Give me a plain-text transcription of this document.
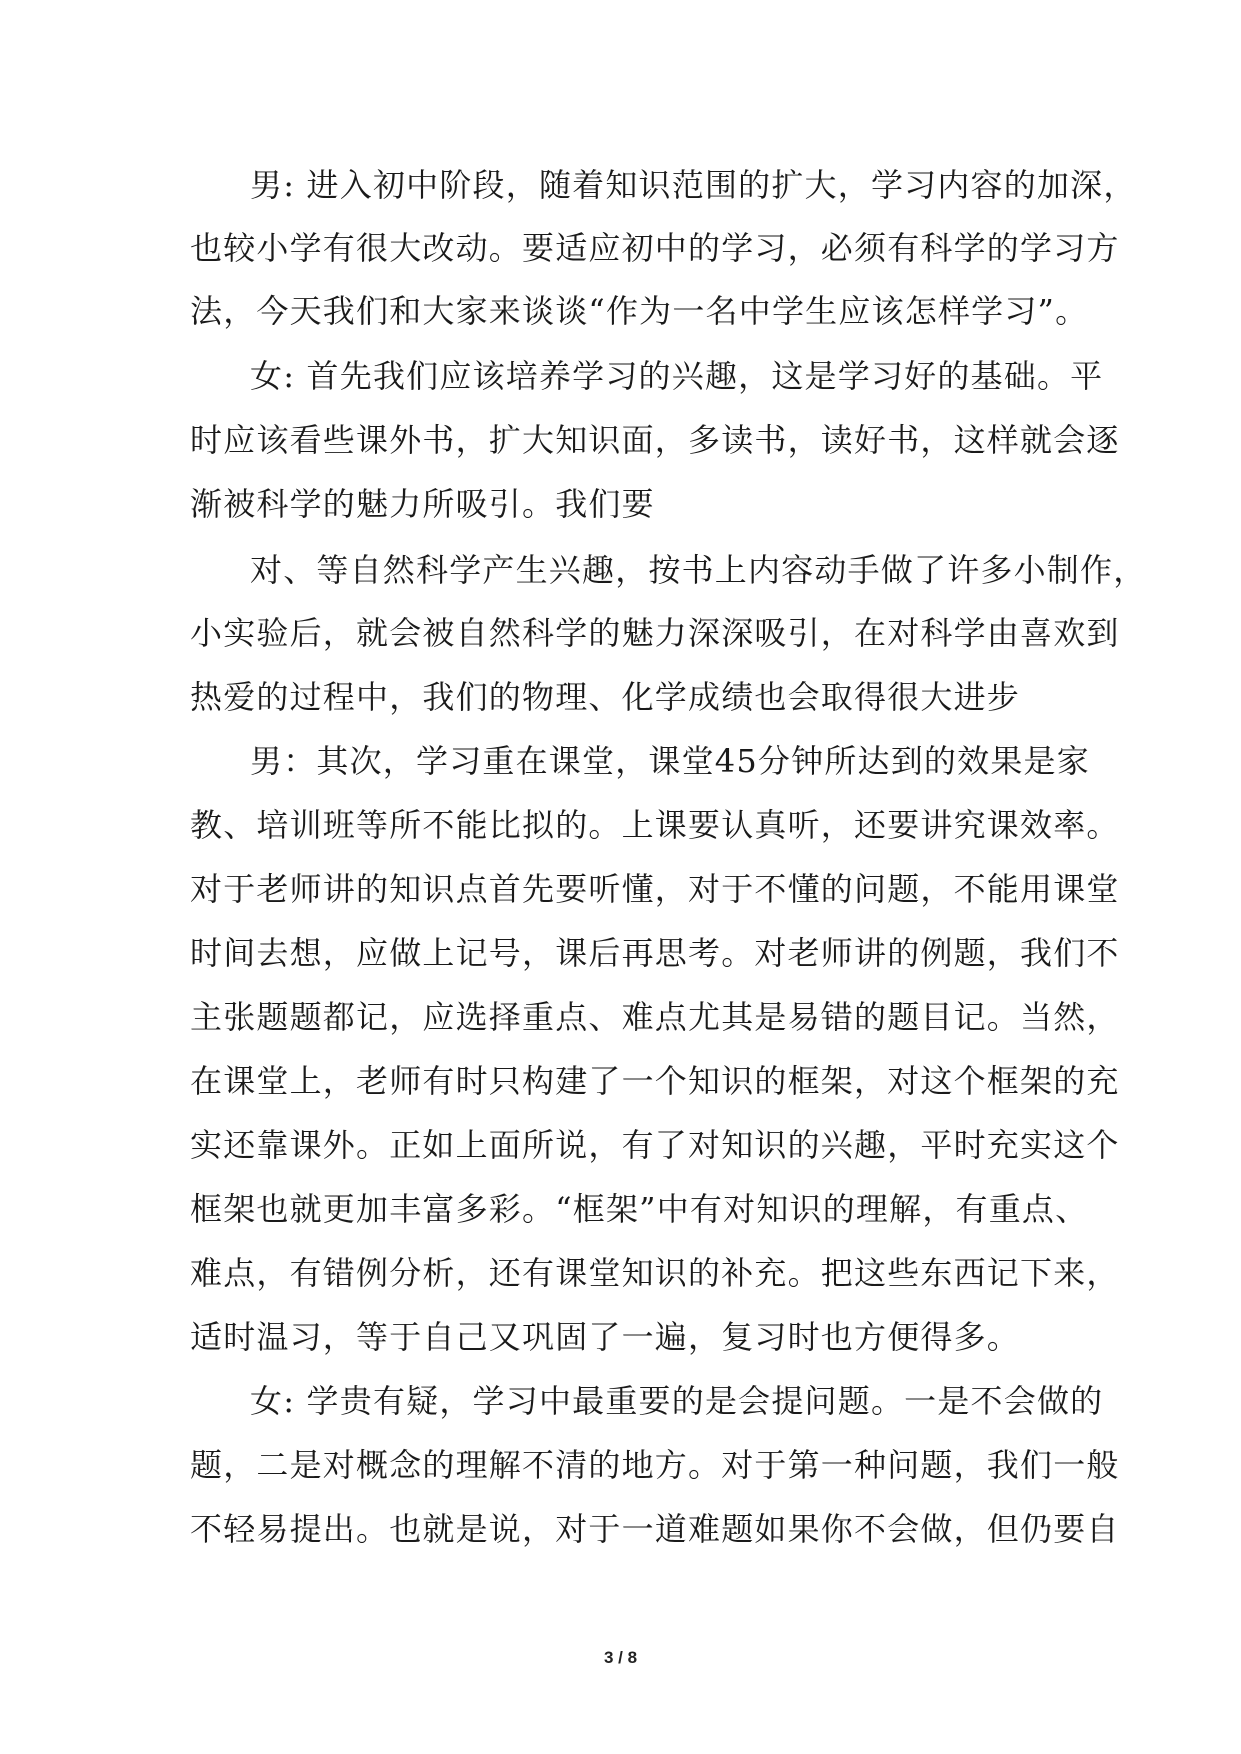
男: 进入初中阶段，随着知识范围的扩大，学习内容的加深，
也较小学有很大改动。要适应初中的学习，必须有科学的学习方
法，今天我们和大家来谈谈“作为一名中学生应该怎样学习”。
女: 首先我们应该培养学习的兴趣，这是学习好的基础。平
时应该看些课外书，扩大知识面，多读书，读好书，这样就会逐
渐被科学的魅力所吸引。我们要
对、等自然科学产生兴趣，按书上内容动手做了许多小制作，
小实验后，就会被自然科学的魅力深深吸引，在对科学由喜欢到
热爱的过程中，我们的物理、化学成绩也会取得很大进步
男：其次，学习重在课堂，课堂45分钟所达到的效果是家
教、培训班等所不能比拟的。上课要认真听，还要讲究课效率。
对于老师讲的知识点首先要听懂，对于不懂的问题，不能用课堂
时间去想，应做上记号，课后再思考。对老师讲的例题，我们不
主张题题都记，应选择重点、难点尤其是易错的题目记。当然，
在课堂上，老师有时只构建了一个知识的框架，对这个框架的充
实还靠课外。正如上面所说，有了对知识的兴趣，平时充实这个
框架也就更加丰富多彩。“框架”中有对知识的理解，有重点、
难点，有错例分析，还有课堂知识的补充。把这些东西记下来，
适时温习，等于自己又巩固了一遍，复习时也方便得多。
女: 学贵有疑，学习中最重要的是会提问题。一是不会做的
题，二是对概念的理解不清的地方。对于第一种问题，我们一般
不轻易提出。也就是说，对于一道难题如果你不会做，但仍要自
3 / 8
